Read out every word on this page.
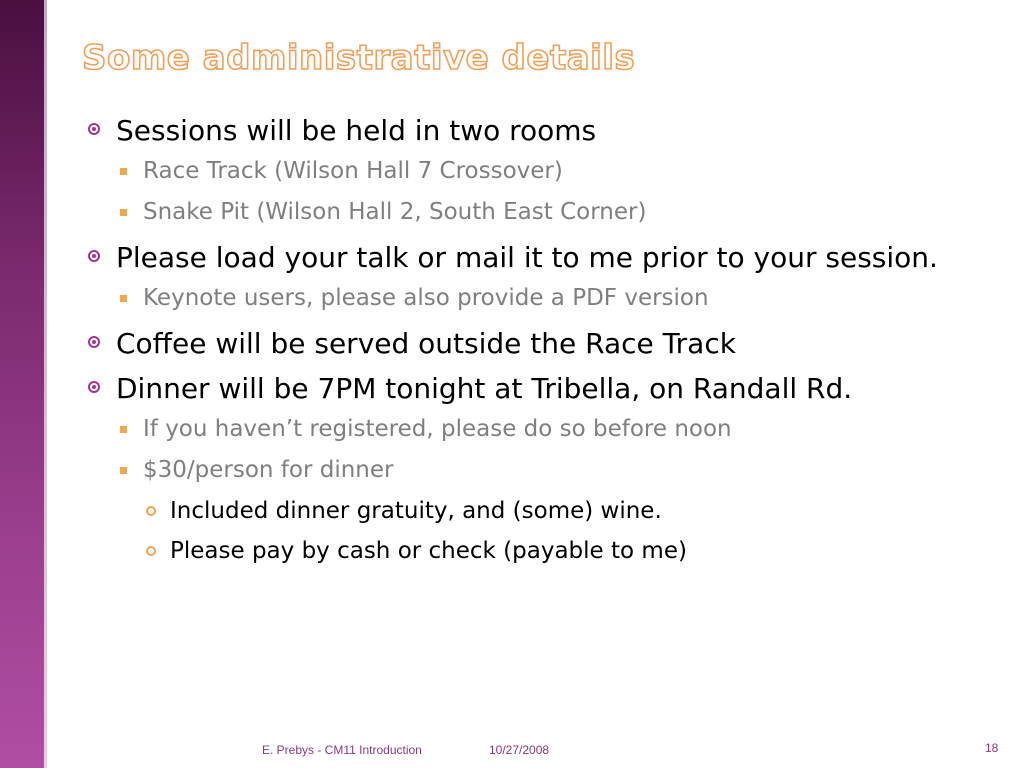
Some administrative details
Sessions will be held in two rooms
Race Track (Wilson Hall 7 Crossover)
Snake Pit (Wilson Hall 2, South East Corner)
Please load your talk or mail it to me prior to your session.
Keynote users, please also provide a PDF version
Coffee will be served outside the Race Track
Dinner will be 7PM tonight at Tribella, on Randall Rd.
If you haven’t registered, please do so before noon
$30/person for dinner
Included dinner gratuity, and (some) wine.
Please pay by cash or check (payable to me)
E. Prebys - CM11 Introduction	10/27/2008	18
